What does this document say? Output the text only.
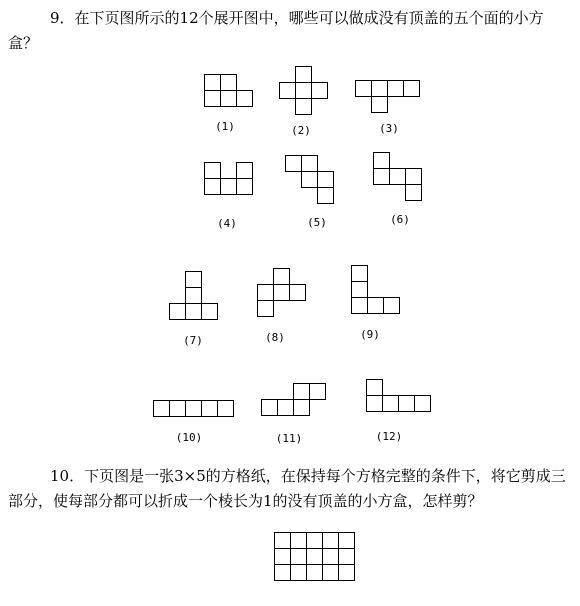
9．在下页图所示的12个展开图中，哪些可以做成没有顶盖的五个面的小方盒？

(1)	(2)	(3)
(4)	(5)	(6)
(7)	(8)	(9)
(10)	(11)	(12)

10．下页图是一张3×5的方格纸，在保持每个方格完整的条件下，将它剪成三部分，使每部分都可以折成一个棱长为1的没有顶盖的小方盒，怎样剪？
